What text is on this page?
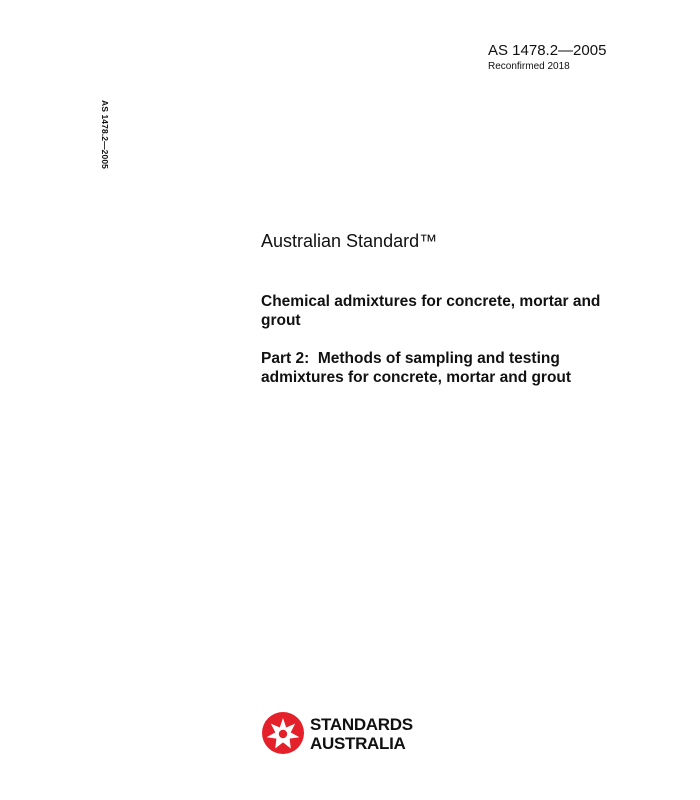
AS 1478.2—2005
Reconfirmed 2018
AS 1478.2—2005
Australian Standard™
Chemical admixtures for concrete, mortar and grout
Part 2:  Methods of sampling and testing admixtures for concrete, mortar and grout
STANDARDS
AUSTRALIA
